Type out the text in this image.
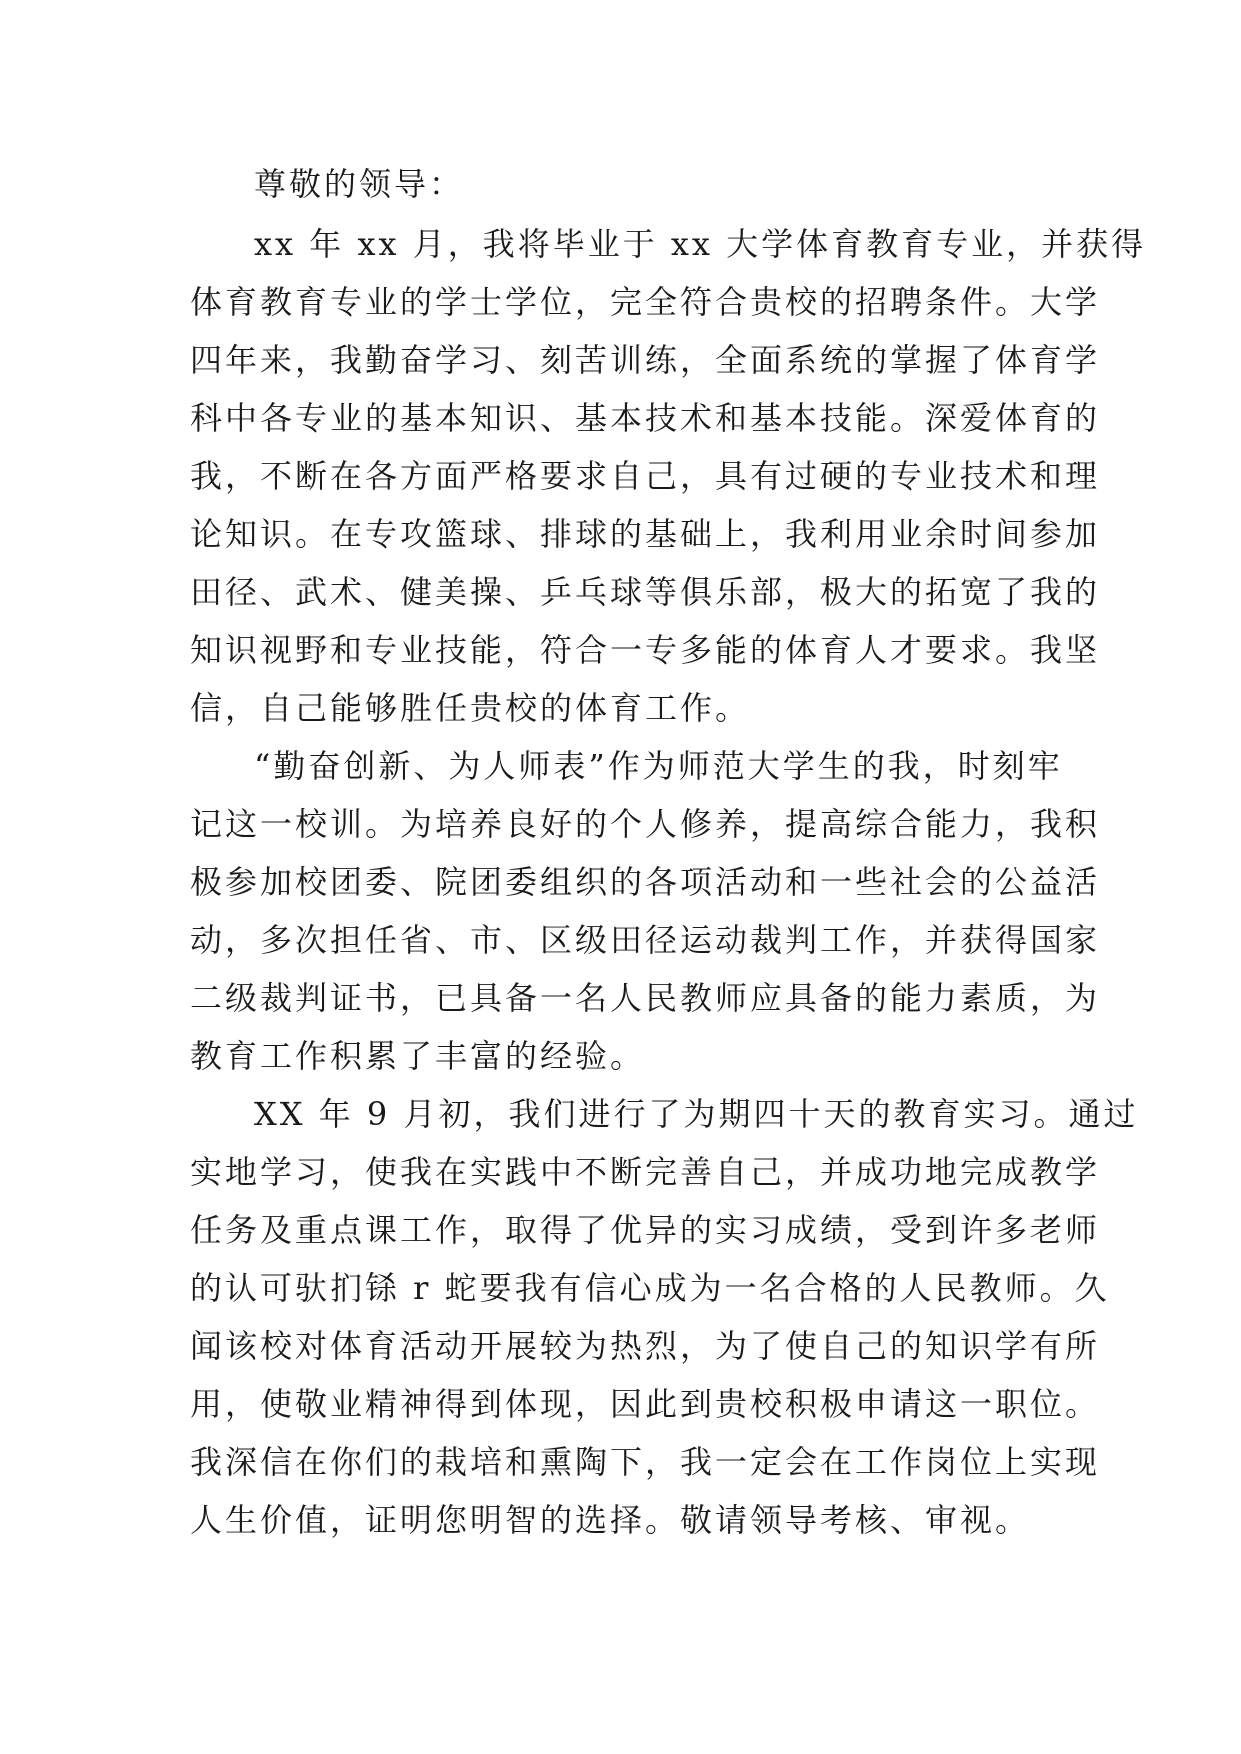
尊敬的领导：
xx 年 xx 月，我将毕业于 xx 大学体育教育专业，并获得
体育教育专业的学士学位，完全符合贵校的招聘条件。大学
四年来，我勤奋学习、刻苦训练，全面系统的掌握了体育学
科中各专业的基本知识、基本技术和基本技能。深爱体育的
我，不断在各方面严格要求自己，具有过硬的专业技术和理
论知识。在专攻篮球、排球的基础上，我利用业余时间参加
田径、武术、健美操、乒乓球等俱乐部，极大的拓宽了我的
知识视野和专业技能，符合一专多能的体育人才要求。我坚
信，自己能够胜任贵校的体育工作。
“勤奋创新、为人师表”作为师范大学生的我，时刻牢
记这一校训。为培养良好的个人修养，提高综合能力，我积
极参加校团委、院团委组织的各项活动和一些社会的公益活
动，多次担任省、市、区级田径运动裁判工作，并获得国家
二级裁判证书，已具备一名人民教师应具备的能力素质，为
教育工作积累了丰富的经验。
XX 年 9 月初，我们进行了为期四十天的教育实习。通过
实地学习，使我在实践中不断完善自己，并成功地完成教学
任务及重点课工作，取得了优异的实习成绩，受到许多老师
的认可驮扪铩 r 蛇要我有信心成为一名合格的人民教师。久
闻该校对体育活动开展较为热烈，为了使自己的知识学有所
用，使敬业精神得到体现，因此到贵校积极申请这一职位。
我深信在你们的栽培和熏陶下，我一定会在工作岗位上实现
人生价值，证明您明智的选择。敬请领导考核、审视。
